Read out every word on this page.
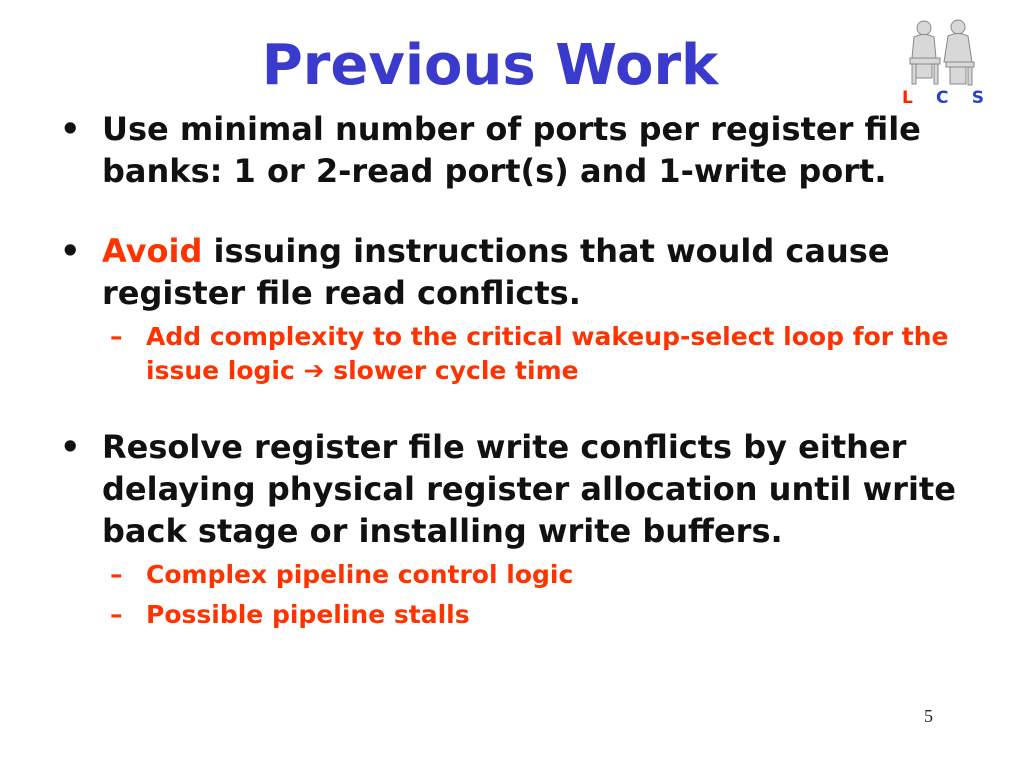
Previous Work	L C S
• Use minimal number of ports per register file banks: 1 or 2-read port(s) and 1-write port.
• Avoid issuing instructions that would cause register file read conflicts.
– Add complexity to the critical wakeup-select loop for the issue logic ➔ slower cycle time
• Resolve register file write conflicts by either delaying physical register allocation until write back stage or installing write buffers.
– Complex pipeline control logic
– Possible pipeline stalls
5
